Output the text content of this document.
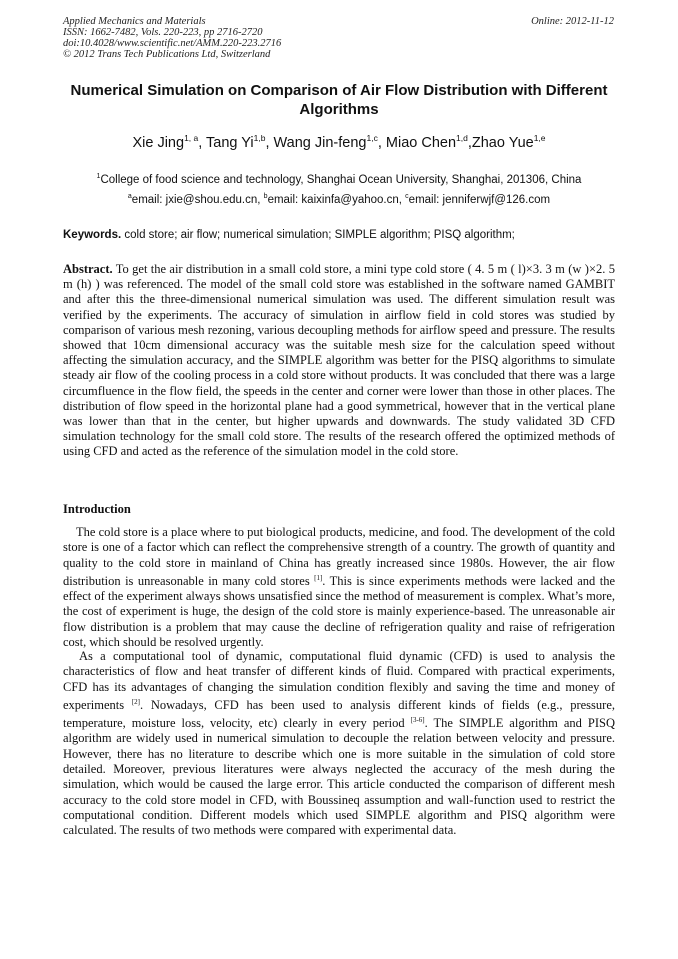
Applied Mechanics and Materials
ISSN: 1662-7482, Vols. 220-223, pp 2716-2720
doi:10.4028/www.scientific.net/AMM.220-223.2716
© 2012 Trans Tech Publications Ltd, Switzerland
Online: 2012-11-12
Numerical Simulation on Comparison of Air Flow Distribution with Different Algorithms
Xie Jing$^{1, a}$, Tang Yi$^{1,b}$, Wang Jin-feng$^{1,c}$, Miao Chen$^{1,d}$,Zhao Yue$^{1,e}$
$^1$College of food science and technology, Shanghai Ocean University, Shanghai, 201306, China
$^a$email: jxie@shou.edu.cn, $^b$email: kaixinfa@yahoo.cn, $^c$email: jenniferwjf@126.com
Keywords. cold store; air flow; numerical simulation; SIMPLE algorithm; PISQ algorithm;
Abstract. To get the air distribution in a small cold store, a mini type cold store ( 4. 5 m ( l)×3. 3 m (w )×2. 5 m (h) ) was referenced. The model of the small cold store was established in the software named GAMBIT and after this the three-dimensional numerical simulation was used. The different simulation result was verified by the experiments. The accuracy of simulation in airflow field in cold stores was studied by comparison of various mesh rezoning, various decoupling methods for airflow speed and pressure. The results showed that 10cm dimensional accuracy was the suitable mesh size for the calculation speed without affecting the simulation accuracy, and the SIMPLE algorithm was better for the PISQ algorithms to simulate steady air flow of the cooling process in a cold store without products. It was concluded that there was a large circumfluence in the flow field, the speeds in the center and corner were lower than those in other places. The distribution of flow speed in the horizontal plane had a good symmetrical, however that in the vertical plane was lower than that in the center, but higher upwards and downwards. The study validated 3D CFD simulation technology for the small cold store. The results of the research offered the optimized methods of using CFD and acted as the reference of the simulation model in the cold store.
Introduction
The cold store is a place where to put biological products, medicine, and food. The development of the cold store is one of a factor which can reflect the comprehensive strength of a country. The growth of quantity and quality to the cold store in mainland of China has greatly increased since 1980s. However, the air flow distribution is unreasonable in many cold stores [1]. This is since experiments methods were lacked and the effect of the experiment always shows unsatisfied since the method of measurement is complex. What’s more, the cost of experiment is huge, the design of the cold store is mainly experience-based. The unreasonable air flow distribution is a problem that may cause the decline of refrigeration quality and raise of refrigeration cost, which should be resolved urgently.
As a computational tool of dynamic, computational fluid dynamic (CFD) is used to analysis the characteristics of flow and heat transfer of different kinds of fluid. Compared with practical experiments, CFD has its advantages of changing the simulation condition flexibly and saving the time and money of experiments [2]. Nowadays, CFD has been used to analysis different kinds of fields (e.g., pressure, temperature, moisture loss, velocity, etc) clearly in every period [3-6]. The SIMPLE algorithm and PISQ algorithm are widely used in numerical simulation to decouple the relation between velocity and pressure. However, there has no literature to describe which one is more suitable in the simulation of cold store detailed. Moreover, previous literatures were always neglected the accuracy of the mesh during the simulation, which would be caused the large error. This article conducted the comparison of different mesh accuracy to the cold store model in CFD, with Boussineq assumption and wall-function used to restrict the computational condition. Different models which used SIMPLE algorithm and PISQ algorithm were calculated. The results of two methods were compared with experimental data.
